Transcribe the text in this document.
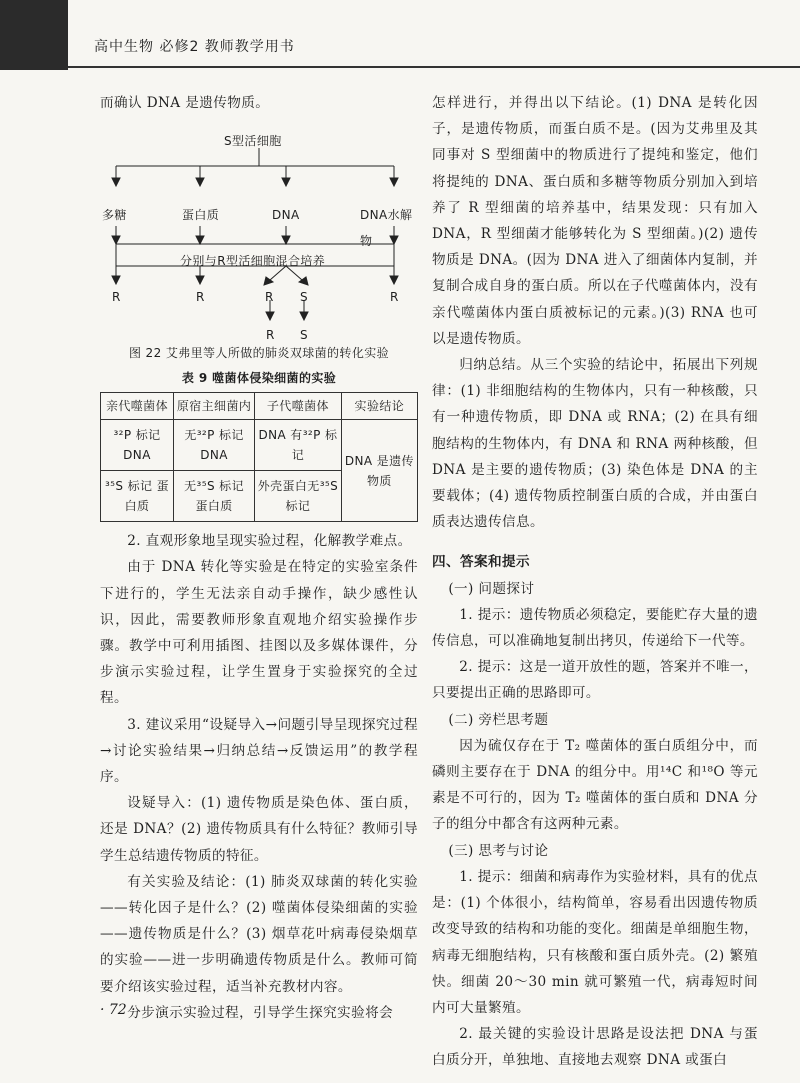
高中生物 必修2 教师教学用书

而确认 DNA 是遗传物质。

S型活细胞
多糖	蛋白质	DNA	DNA水解物
分别与R型活细胞混合培养
R	R	R S	R
R S

图 22 艾弗里等人所做的肺炎双球菌的转化实验

表 9 噬菌体侵染细菌的实验
亲代噬菌体	原宿主细菌内	子代噬菌体	实验结论
³²P 标记 DNA	无³²P 标记 DNA	DNA 有³²P 标记	DNA 是遗传物质
³⁵S 标记 蛋白质	无³⁵S 标记 蛋白质	外壳蛋白无³⁵S 标记	

2. 直观形象地呈现实验过程，化解教学难点。

由于 DNA 转化等实验是在特定的实验室条件下进行的，学生无法亲自动手操作，缺少感性认识，因此，需要教师形象直观地介绍实验操作步骤。教学中可利用插图、挂图以及多媒体课件，分步演示实验过程，让学生置身于实验探究的全过程。

3. 建议采用“设疑导入→问题引导呈现探究过程→讨论实验结果→归纳总结→反馈运用”的教学程序。

设疑导入：(1) 遗传物质是染色体、蛋白质，还是 DNA？(2) 遗传物质具有什么特征？教师引导学生总结遗传物质的特征。

有关实验及结论：(1) 肺炎双球菌的转化实验——转化因子是什么？(2) 噬菌体侵染细菌的实验——遗传物质是什么？(3) 烟草花叶病毒侵染烟草的实验——进一步明确遗传物质是什么。教师可简要介绍该实验过程，适当补充教材内容。

分步演示实验过程，引导学生探究实验将会

怎样进行，并得出以下结论。(1) DNA 是转化因子，是遗传物质，而蛋白质不是。(因为艾弗里及其同事对 S 型细菌中的物质进行了提纯和鉴定，他们将提纯的 DNA、蛋白质和多糖等物质分别加入到培养了 R 型细菌的培养基中，结果发现：只有加入 DNA，R 型细菌才能够转化为 S 型细菌。)(2) 遗传物质是 DNA。(因为 DNA 进入了细菌体内复制，并复制合成自身的蛋白质。所以在子代噬菌体内，没有亲代噬菌体内蛋白质被标记的元素。)(3) RNA 也可以是遗传物质。

归纳总结。从三个实验的结论中，拓展出下列规律：(1) 非细胞结构的生物体内，只有一种核酸，只有一种遗传物质，即 DNA 或 RNA；(2) 在具有细胞结构的生物体内，有 DNA 和 RNA 两种核酸，但 DNA 是主要的遗传物质；(3) 染色体是 DNA 的主要载体；(4) 遗传物质控制蛋白质的合成，并由蛋白质表达遗传信息。

四、答案和提示

(一) 问题探讨

1. 提示：遗传物质必须稳定，要能贮存大量的遗传信息，可以准确地复制出拷贝，传递给下一代等。

2. 提示：这是一道开放性的题，答案并不唯一，只要提出正确的思路即可。

(二) 旁栏思考题

因为硫仅存在于 T₂ 噬菌体的蛋白质组分中，而磷则主要存在于 DNA 的组分中。用¹⁴C 和¹⁸O 等元素是不可行的，因为 T₂ 噬菌体的蛋白质和 DNA 分子的组分中都含有这两种元素。

(三) 思考与讨论

1. 提示：细菌和病毒作为实验材料，具有的优点是：(1) 个体很小，结构简单，容易看出因遗传物质改变导致的结构和功能的变化。细菌是单细胞生物，病毒无细胞结构，只有核酸和蛋白质外壳。(2) 繁殖快。细菌 20～30 min 就可繁殖一代，病毒短时间内可大量繁殖。

2. 最关键的实验设计思路是设法把 DNA 与蛋白质分开，单独地、直接地去观察 DNA 或蛋白

· 72 ·
